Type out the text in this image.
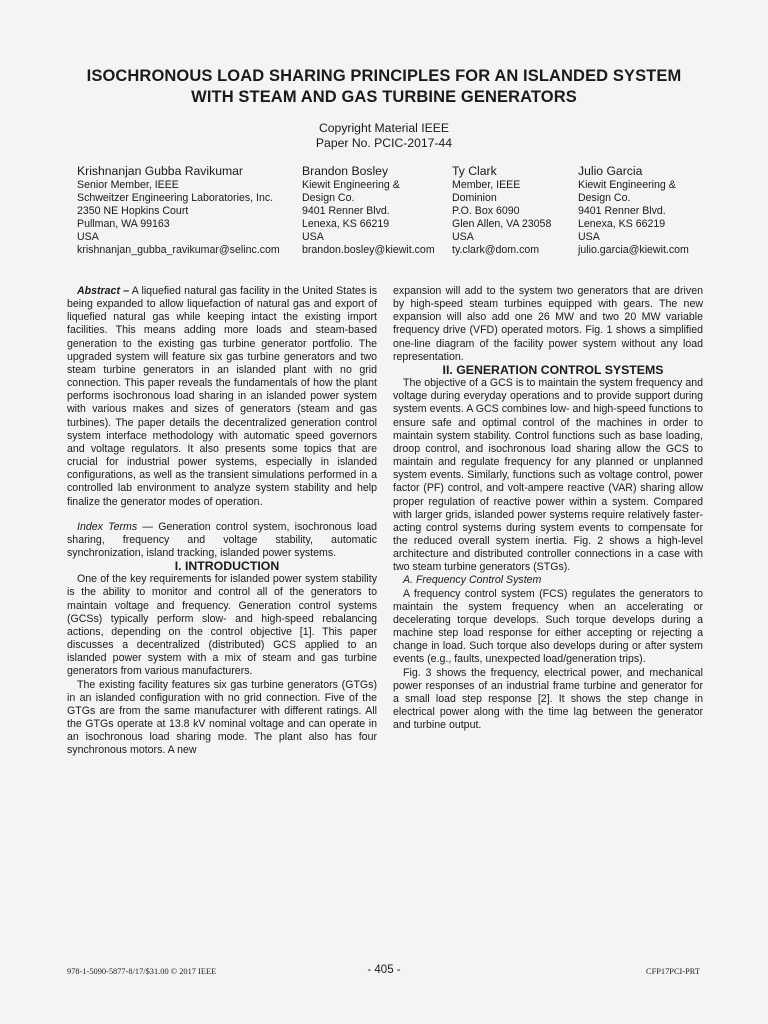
ISOCHRONOUS LOAD SHARING PRINCIPLES FOR AN ISLANDED SYSTEM
WITH STEAM AND GAS TURBINE GENERATORS
Copyright Material IEEE
Paper No. PCIC-2017-44
Krishnanjan Gubba Ravikumar
Senior Member, IEEE
Schweitzer Engineering Laboratories, Inc.
2350 NE Hopkins Court
Pullman, WA 99163
USA
krishnanjan_gubba_ravikumar@selinc.com
Brandon Bosley
Kiewit Engineering &
Design Co.
9401 Renner Blvd.
Lenexa, KS 66219
USA
brandon.bosley@kiewit.com
Ty Clark
Member, IEEE
Dominion
P.O. Box 6090
Glen Allen, VA 23058
USA
ty.clark@dom.com
Julio Garcia
Kiewit Engineering &
Design Co.
9401 Renner Blvd.
Lenexa, KS 66219
USA
julio.garcia@kiewit.com

Abstract – A liquefied natural gas facility in the United States is being expanded to allow liquefaction of natural gas and export of liquefied natural gas while keeping intact the existing import facilities. This means adding more loads and steam-based generation to the existing gas turbine generator portfolio. The upgraded system will feature six gas turbine generators and two steam turbine generators in an islanded plant with no grid connection. This paper reveals the fundamentals of how the plant performs isochronous load sharing in an islanded power system with various makes and sizes of generators (steam and gas turbines). The paper details the decentralized generation control system interface methodology with automatic speed governors and voltage regulators. It also presents some topics that are crucial for industrial power systems, especially in islanded configurations, as well as the transient simulations performed in a controlled lab environment to analyze system stability and help finalize the generator modes of operation.

Index Terms — Generation control system, isochronous load sharing, frequency and voltage stability, automatic synchronization, island tracking, islanded power systems.

I. INTRODUCTION

One of the key requirements for islanded power system stability is the ability to monitor and control all of the generators to maintain voltage and frequency. Generation control systems (GCSs) typically perform slow- and high-speed rebalancing actions, depending on the control objective [1]. This paper discusses a decentralized (distributed) GCS applied to an islanded power system with a mix of steam and gas turbine generators from various manufacturers.

The existing facility features six gas turbine generators (GTGs) in an islanded configuration with no grid connection. Five of the GTGs are from the same manufacturer with different ratings. All the GTGs operate at 13.8 kV nominal voltage and can operate in an isochronous load sharing mode. The plant also has four synchronous motors. A new

expansion will add to the system two generators that are driven by high-speed steam turbines equipped with gears. The new expansion will also add one 26 MW and two 20 MW variable frequency drive (VFD) operated motors. Fig. 1 shows a simplified one-line diagram of the facility power system without any load representation.

II. GENERATION CONTROL SYSTEMS

The objective of a GCS is to maintain the system frequency and voltage during everyday operations and to provide support during system events. A GCS combines low- and high-speed functions to ensure safe and optimal control of the machines in order to maintain system stability. Control functions such as base loading, droop control, and isochronous load sharing allow the GCS to maintain and regulate frequency for any planned or unplanned system events. Similarly, functions such as voltage control, power factor (PF) control, and volt-ampere reactive (VAR) sharing allow proper regulation of reactive power within a system. Compared with larger grids, islanded power systems require relatively faster-acting control systems during system events to compensate for the reduced overall system inertia. Fig. 2 shows a high-level architecture and distributed controller connections in a case with two steam turbine generators (STGs).

A. Frequency Control System

A frequency control system (FCS) regulates the generators to maintain the system frequency when an accelerating or decelerating torque develops. Such torque develops during a machine step load response for either accepting or rejecting a change in load. Such torque also develops during or after system events (e.g., faults, unexpected load/generation trips).

Fig. 3 shows the frequency, electrical power, and mechanical power responses of an industrial frame turbine and generator for a small load step response [2]. It shows the step change in electrical power along with the time lag between the generator and turbine output.

978-1-5090-5877-8/17/$31.00 © 2017 IEEE	- 405 -	CFP17PCI-PRT
